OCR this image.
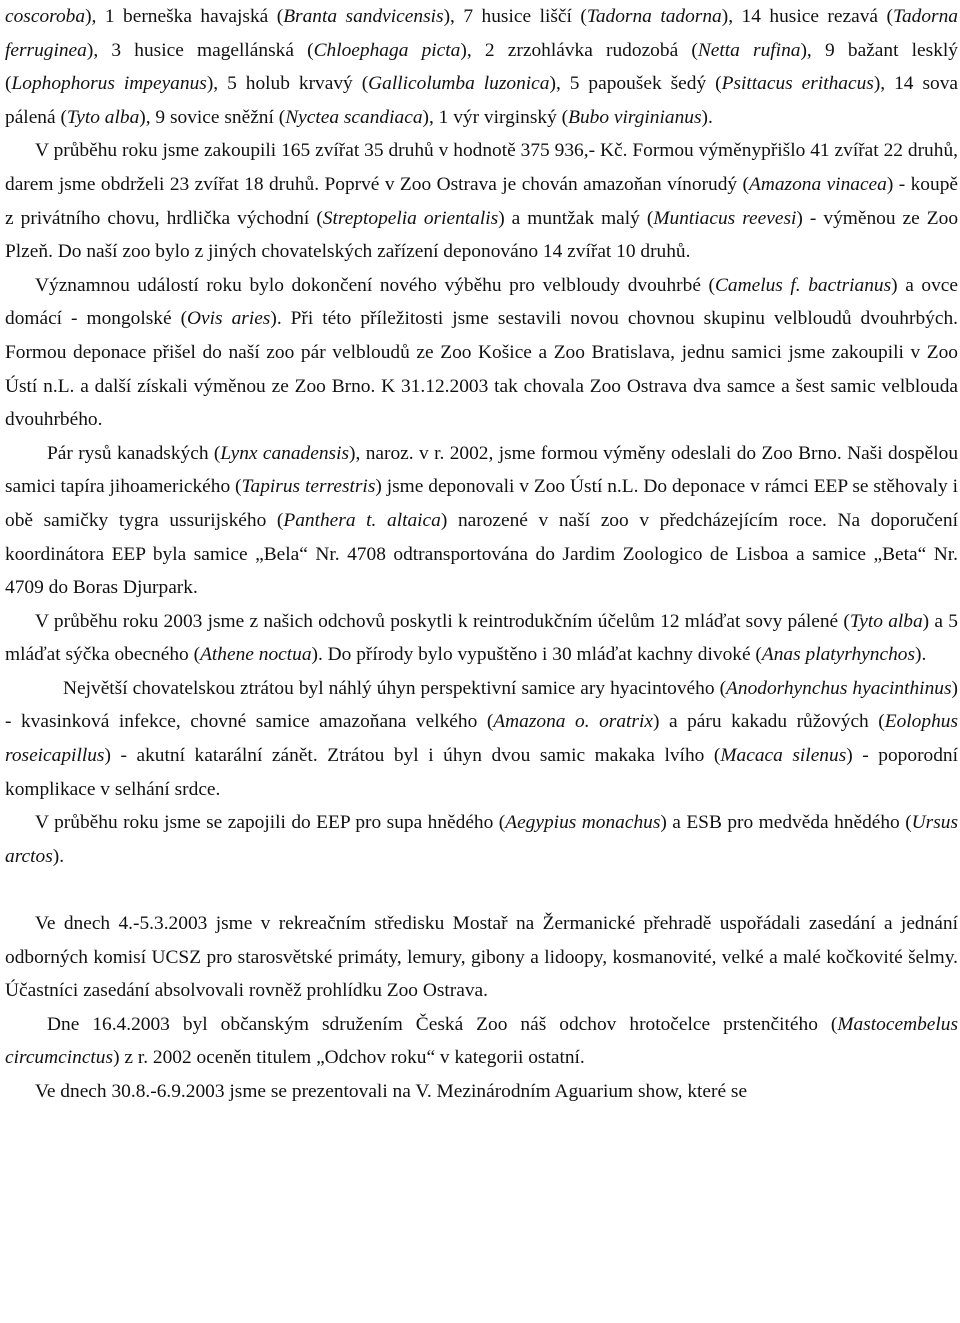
coscoroba), 1 berneška havajská (Branta sandvicensis), 7 husice liščí (Tadorna tadorna), 14 husice rezavá (Tadorna ferruginea), 3 husice magellánská (Chloephaga picta), 2 zrzohlávka rudozobá (Netta rufina), 9 bažant lesklý (Lophophorus impeyanus), 5 holub krvavý (Gallicolumba luzonica), 5 papoušek šedý (Psittacus erithacus), 14 sova pálená (Tyto alba), 9 sovice sněžní (Nyctea scandiaca), 1 výr virginský (Bubo virginianus).

V průběhu roku jsme zakoupili 165 zvířat 35 druhů v hodnotě 375 936,- Kč. Formou výměnypřišlo 41 zvířat 22 druhů, darem jsme obdrželi 23 zvířat 18 druhů. Poprvé v Zoo Ostrava je chován amazoňan vínorudý (Amazona vinacea) - koupě z privátního chovu, hrdlička východní (Streptopelia orientalis) a muntžak malý (Muntiacus reevesi) - výměnou ze Zoo Plzeň. Do naší zoo bylo z jiných chovatelských zařízení deponováno 14 zvířat 10 druhů.

Významnou událostí roku bylo dokončení nového výběhu pro velbloudy dvouhrbé (Camelus f. bactrianus) a ovce domácí - mongolské (Ovis aries). Při této příležitosti jsme sestavili novou chovnou skupinu velbloudů dvouhrbých. Formou deponace přišel do naší zoo pár velbloudů ze Zoo Košice a Zoo Bratislava, jednu samici jsme zakoupili v Zoo Ústí n.L. a další získali výměnou ze Zoo Brno. K 31.12.2003 tak chovala Zoo Ostrava dva samce a šest samic velblouda dvouhrbého.

Pár rysů kanadských (Lynx canadensis), naroz. v r. 2002, jsme formou výměny odeslali do Zoo Brno. Naši dospělou samici tapíra jihoamerického (Tapirus terrestris) jsme deponovali v Zoo Ústí n.L. Do deponace v rámci EEP se stěhovaly i obě samičky tygra ussurijského (Panthera t. altaica) narozené v naší zoo v předcházejícím roce. Na doporučení koordinátora EEP byla samice „Bela“ Nr. 4708 odtransportována do Jardim Zoologico de Lisboa a samice „Beta“ Nr. 4709 do Boras Djurpark.

V průběhu roku 2003 jsme z našich odchovů poskytli k reintrodukčním účelům 12 mláďat sovy pálené (Tyto alba) a 5 mláďat sýčka obecného (Athene noctua). Do přírody bylo vypuštěno i 30 mláďat kachny divoké (Anas platyrhynchos).

Největší chovatelskou ztrátou byl náhlý úhyn perspektivní samice ary hyacintového (Anodorhynchus hyacinthinus) - kvasinková infekce, chovné samice amazoňana velkého (Amazona o. oratrix) a páru kakadu růžových (Eolophus roseicapillus) - akutní katarální zánět. Ztrátou byl i úhyn dvou samic makaka lvího (Macaca silenus) - poporodní komplikace v selhání srdce.

V průběhu roku jsme se zapojili do EEP pro supa hnědého (Aegypius monachus) a ESB pro medvěda hnědého (Ursus arctos).

Ve dnech 4.-5.3.2003 jsme v rekreačním středisku Mostař na Žermanické přehradě uspořádali zasedání a jednání odborných komisí UCSZ pro starosvětské primáty, lemury, gibony a lidoopy, kosmanovité, velké a malé kočkovité šelmy. Účastníci zasedání absolvovali rovněž prohlídku Zoo Ostrava.

Dne 16.4.2003 byl občanským sdružením Česká Zoo náš odchov hrotočelce prstenčitého (Mastocembelus circumcinctus) z r. 2002 oceněn titulem „Odchov roku“ v kategorii ostatní.

Ve dnech 30.8.-6.9.2003 jsme se prezentovali na V. Mezinárodním Aguarium show, které se
